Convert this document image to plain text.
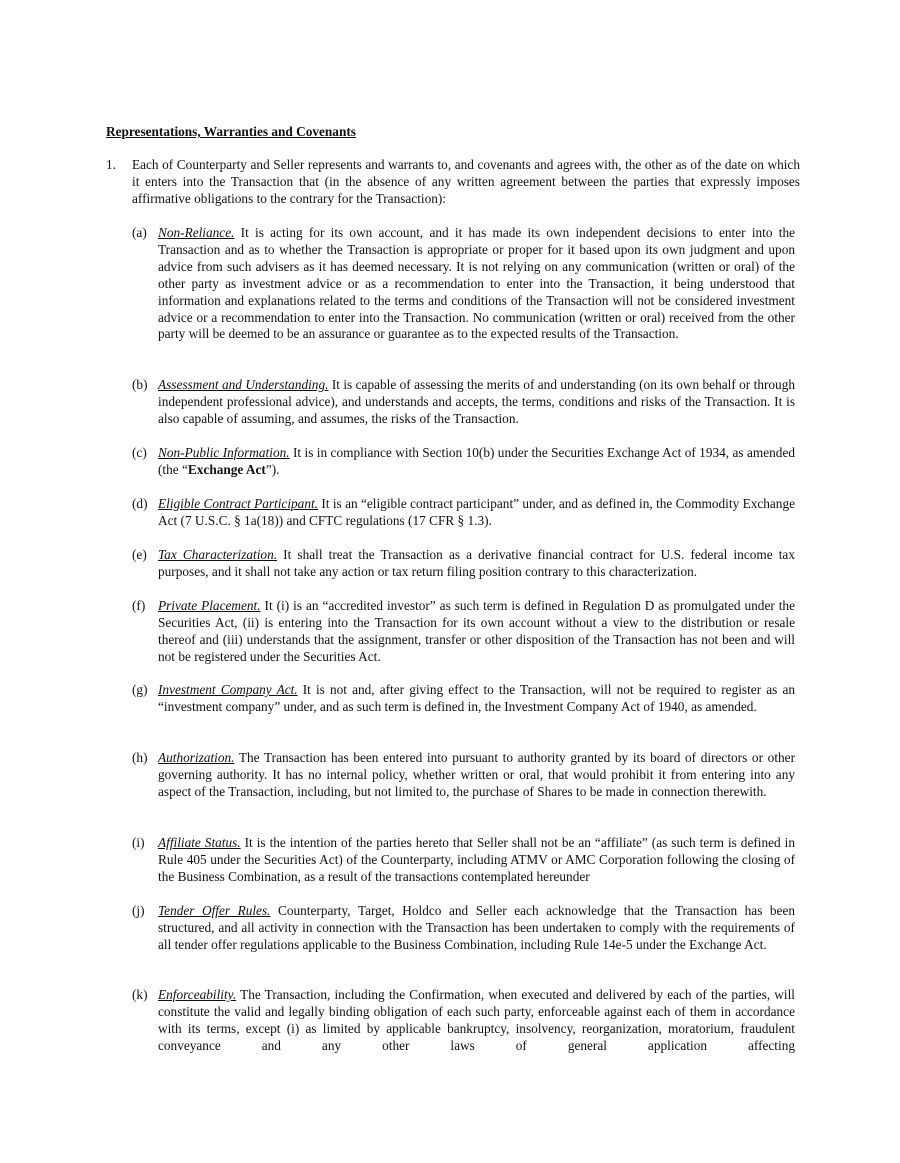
Representations, Warranties and Covenants
1. Each of Counterparty and Seller represents and warrants to, and covenants and agrees with, the other as of the date on which it enters into the Transaction that (in the absence of any written agreement between the parties that expressly imposes affirmative obligations to the contrary for the Transaction):
(a) Non-Reliance. It is acting for its own account, and it has made its own independent decisions to enter into the Transaction and as to whether the Transaction is appropriate or proper for it based upon its own judgment and upon advice from such advisers as it has deemed necessary. It is not relying on any communication (written or oral) of the other party as investment advice or as a recommendation to enter into the Transaction, it being understood that information and explanations related to the terms and conditions of the Transaction will not be considered investment advice or a recommendation to enter into the Transaction. No communication (written or oral) received from the other party will be deemed to be an assurance or guarantee as to the expected results of the Transaction.
(b) Assessment and Understanding. It is capable of assessing the merits of and understanding (on its own behalf or through independent professional advice), and understands and accepts, the terms, conditions and risks of the Transaction. It is also capable of assuming, and assumes, the risks of the Transaction.
(c) Non-Public Information. It is in compliance with Section 10(b) under the Securities Exchange Act of 1934, as amended (the “Exchange Act”).
(d) Eligible Contract Participant. It is an “eligible contract participant” under, and as defined in, the Commodity Exchange Act (7 U.S.C. § 1a(18)) and CFTC regulations (17 CFR § 1.3).
(e) Tax Characterization. It shall treat the Transaction as a derivative financial contract for U.S. federal income tax purposes, and it shall not take any action or tax return filing position contrary to this characterization.
(f) Private Placement. It (i) is an “accredited investor” as such term is defined in Regulation D as promulgated under the Securities Act, (ii) is entering into the Transaction for its own account without a view to the distribution or resale thereof and (iii) understands that the assignment, transfer or other disposition of the Transaction has not been and will not be registered under the Securities Act.
(g) Investment Company Act. It is not and, after giving effect to the Transaction, will not be required to register as an “investment company” under, and as such term is defined in, the Investment Company Act of 1940, as amended.
(h) Authorization. The Transaction has been entered into pursuant to authority granted by its board of directors or other governing authority. It has no internal policy, whether written or oral, that would prohibit it from entering into any aspect of the Transaction, including, but not limited to, the purchase of Shares to be made in connection therewith.
(i) Affiliate Status. It is the intention of the parties hereto that Seller shall not be an “affiliate” (as such term is defined in Rule 405 under the Securities Act) of the Counterparty, including ATMV or AMC Corporation following the closing of the Business Combination, as a result of the transactions contemplated hereunder
(j) Tender Offer Rules. Counterparty, Target, Holdco and Seller each acknowledge that the Transaction has been structured, and all activity in connection with the Transaction has been undertaken to comply with the requirements of all tender offer regulations applicable to the Business Combination, including Rule 14e-5 under the Exchange Act.
(k) Enforceability. The Transaction, including the Confirmation, when executed and delivered by each of the parties, will constitute the valid and legally binding obligation of each such party, enforceable against each of them in accordance with its terms, except (i) as limited by applicable bankruptcy, insolvency, reorganization, moratorium, fraudulent conveyance and any other laws of general application affecting
